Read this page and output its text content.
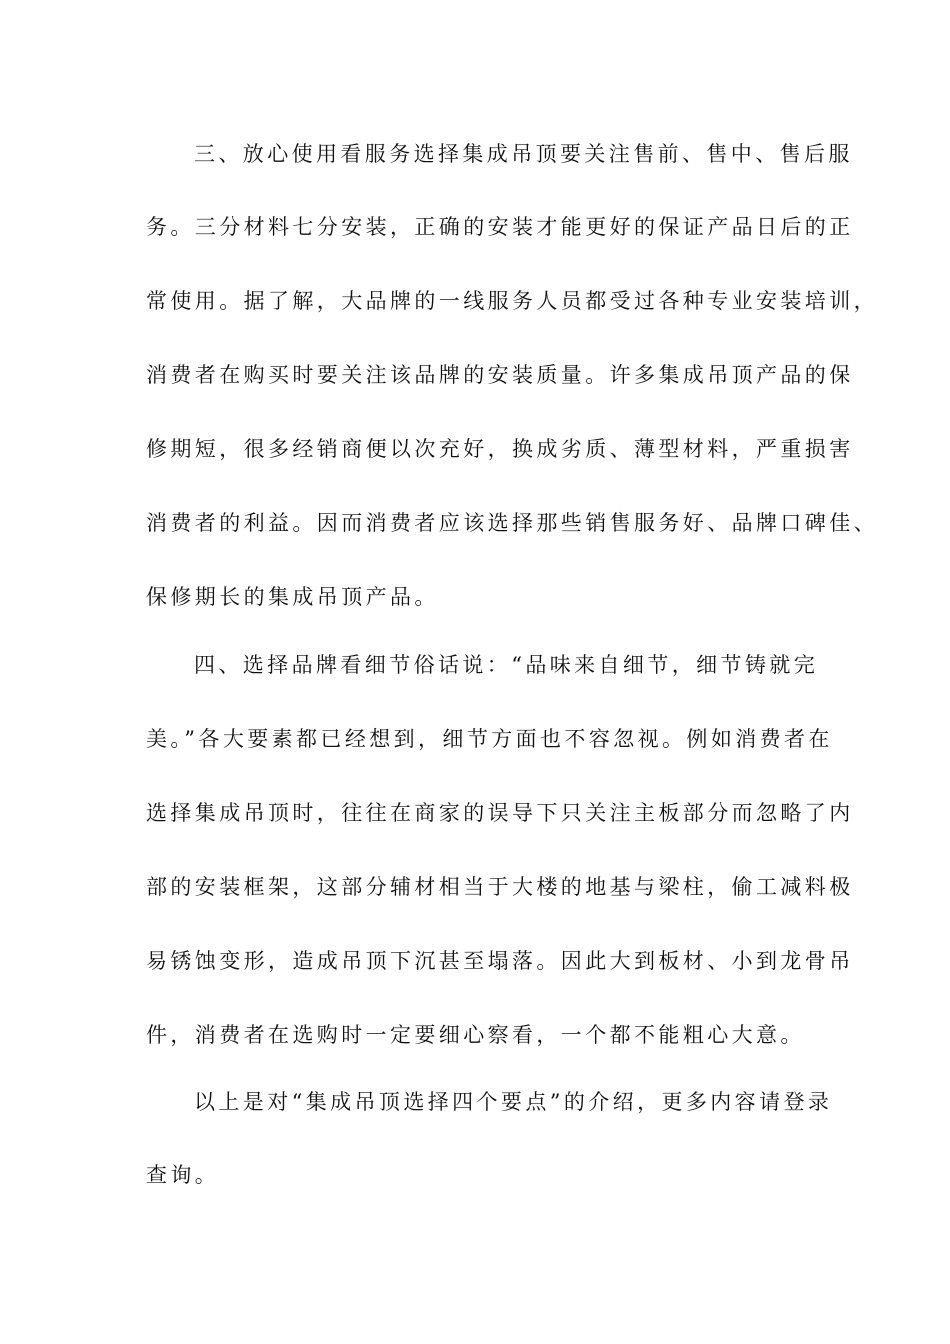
三、放心使用看服务选择集成吊顶要关注售前、售中、售后服
务。三分材料七分安装，正确的安装才能更好的保证产品日后的正
常使用。据了解，大品牌的一线服务人员都受过各种专业安装培训，
消费者在购买时要关注该品牌的安装质量。许多集成吊顶产品的保
修期短，很多经销商便以次充好，换成劣质、薄型材料，严重损害
消费者的利益。因而消费者应该选择那些销售服务好、品牌口碑佳、
保修期长的集成吊顶产品。
四、选择品牌看细节俗话说：“品味来自细节，细节铸就完
美。”各大要素都已经想到，细节方面也不容忽视。例如消费者在
选择集成吊顶时，往往在商家的误导下只关注主板部分而忽略了内
部的安装框架，这部分辅材相当于大楼的地基与梁柱，偷工减料极
易锈蚀变形，造成吊顶下沉甚至塌落。因此大到板材、小到龙骨吊
件，消费者在选购时一定要细心察看，一个都不能粗心大意。
以上是对“集成吊顶选择四个要点”的介绍，更多内容请登录
查询。
